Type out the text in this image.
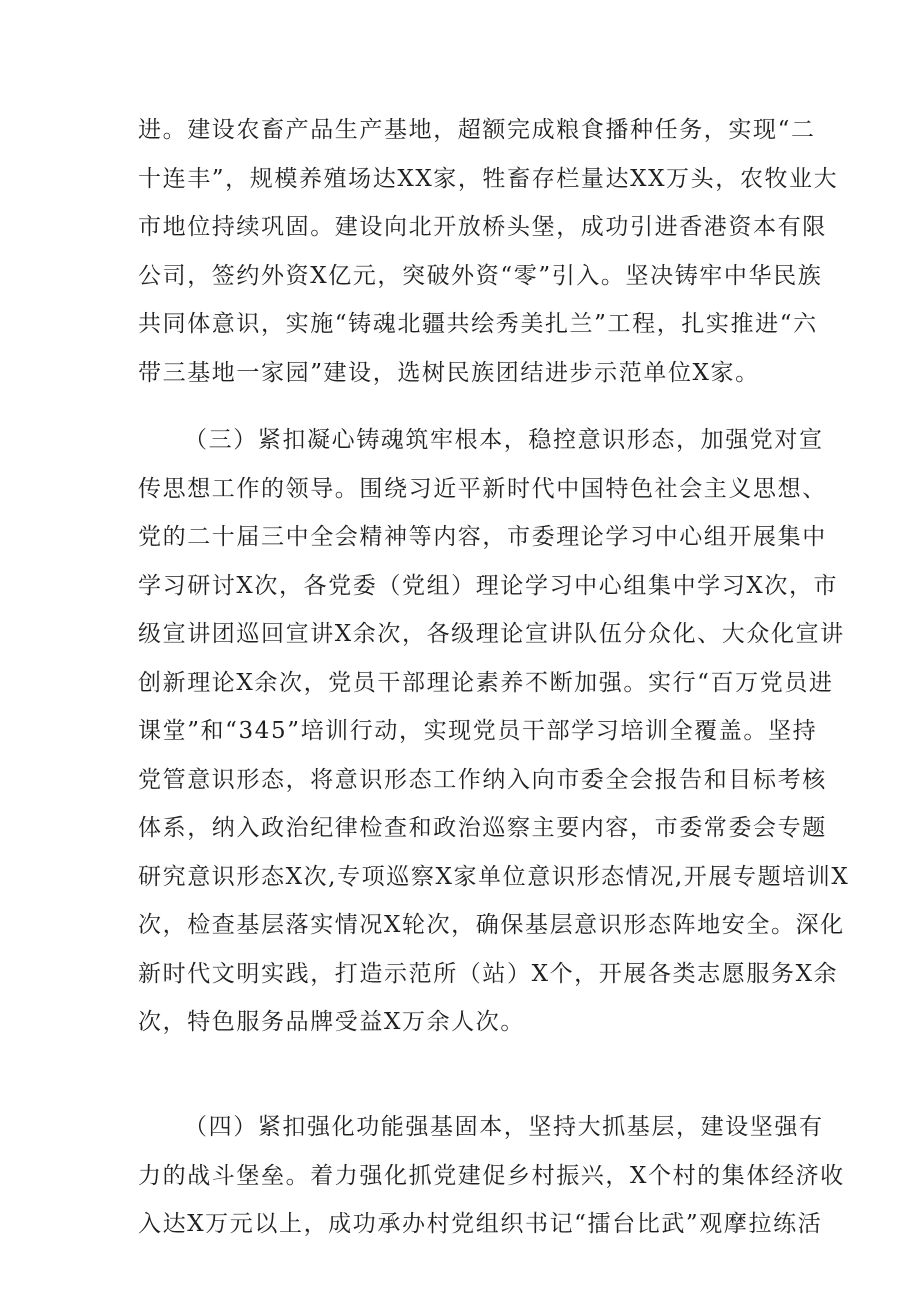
进。建设农畜产品生产基地，超额完成粮食播种任务，实现“二
十连丰”，规模养殖场达XX家，牲畜存栏量达XX万头，农牧业大
市地位持续巩固。建设向北开放桥头堡，成功引进香港资本有限
公司，签约外资X亿元，突破外资“零”引入。坚决铸牢中华民族
共同体意识，实施“铸魂北疆共绘秀美扎兰”工程，扎实推进“六
带三基地一家园”建设，选树民族团结进步示范单位X家。
（三）紧扣凝心铸魂筑牢根本，稳控意识形态，加强党对宣
传思想工作的领导。围绕习近平新时代中国特色社会主义思想、
党的二十届三中全会精神等内容，市委理论学习中心组开展集中
学习研讨X次，各党委（党组）理论学习中心组集中学习X次，市
级宣讲团巡回宣讲X余次，各级理论宣讲队伍分众化、大众化宣讲
创新理论X余次，党员干部理论素养不断加强。实行“百万党员进
课堂”和“345”培训行动，实现党员干部学习培训全覆盖。坚持
党管意识形态，将意识形态工作纳入向市委全会报告和目标考核
体系，纳入政治纪律检查和政治巡察主要内容，市委常委会专题
研究意识形态X次,专项巡察X家单位意识形态情况,开展专题培训X
次，检查基层落实情况X轮次，确保基层意识形态阵地安全。深化
新时代文明实践，打造示范所（站）X个，开展各类志愿服务X余
次，特色服务品牌受益X万余人次。
（四）紧扣强化功能强基固本，坚持大抓基层，建设坚强有
力的战斗堡垒。着力强化抓党建促乡村振兴，X个村的集体经济收
入达X万元以上，成功承办村党组织书记“擂台比武”观摩拉练活
